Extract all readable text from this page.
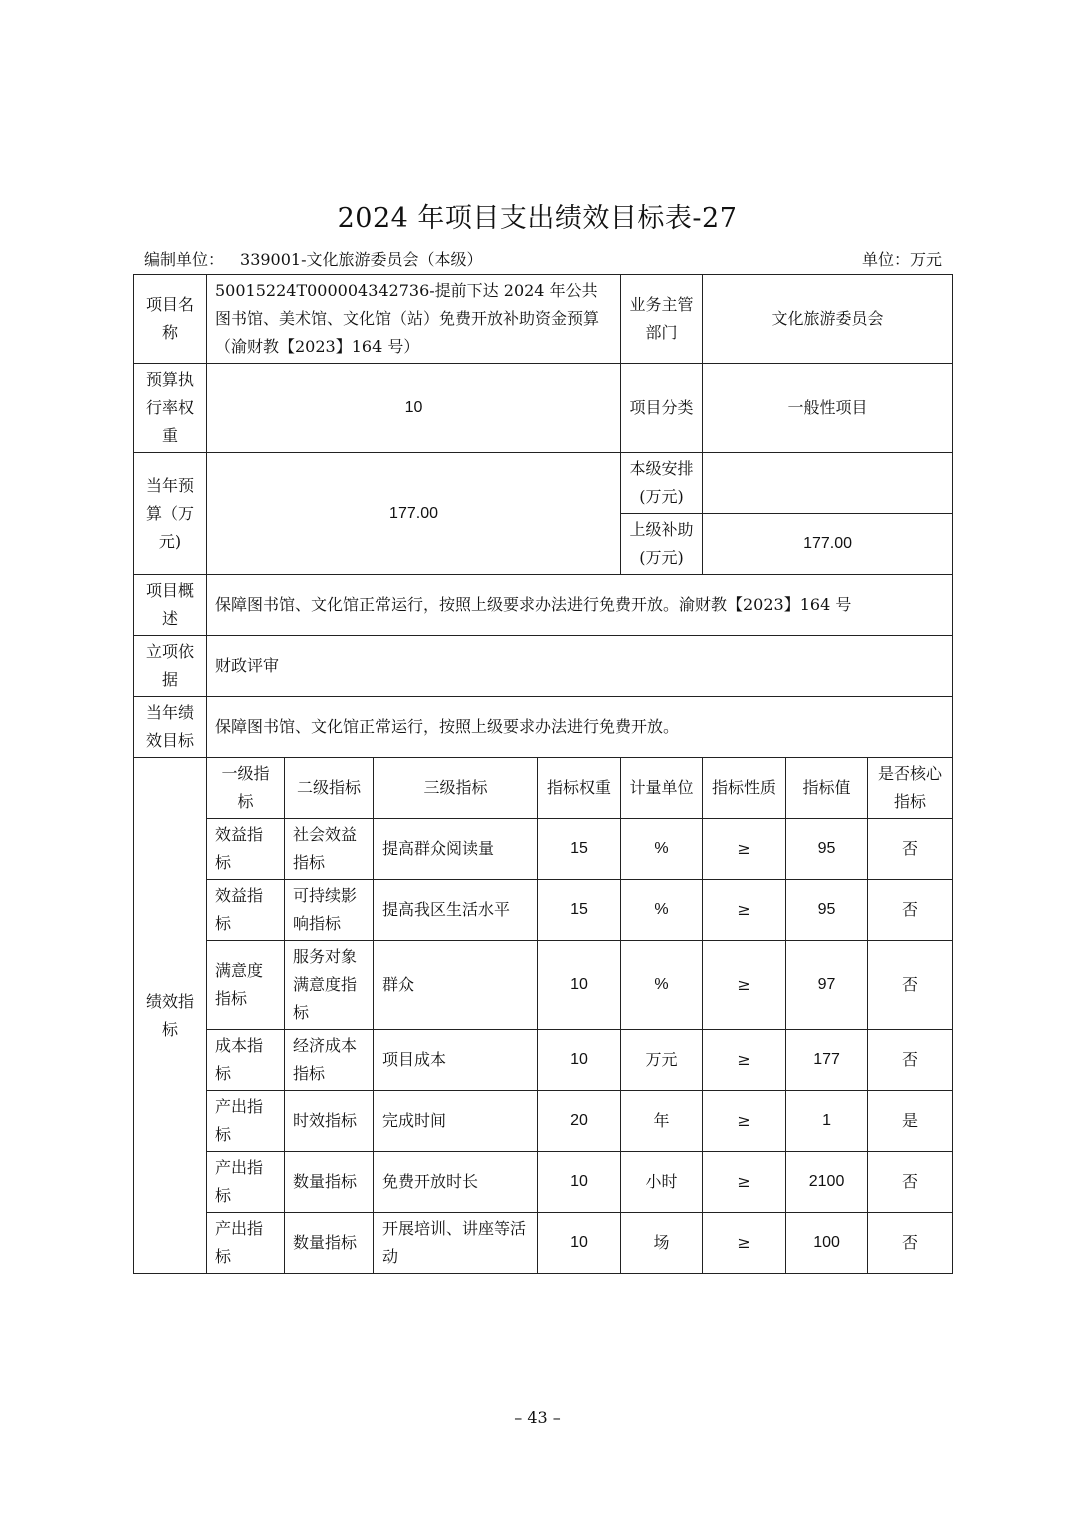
2024 年项目支出绩效目标表-27
编制单位： 339001-文化旅游委员会（本级）	单位：万元
项目名称	50015224T000004342736-提前下达 2024 年公共图书馆、美术馆、文化馆（站）免费开放补助资金预算（渝财教【2023】164 号）				业务主管部门	文化旅游委员会		
预算执行率权重	10				项目分类	一般性项目		
当年预算（万元)	177.00				本级安排(万元)			
					上级补助(万元)	177.00		
项目概述	保障图书馆、文化馆正常运行，按照上级要求办法进行免费开放。渝财教【2023】164 号							
立项依据	财政评审							
当年绩效目标	保障图书馆、文化馆正常运行，按照上级要求办法进行免费开放。							
绩效指标	一级指标	二级指标	三级指标	指标权重	计量单位	指标性质	指标值	是否核心指标
	效益指标	社会效益指标	提高群众阅读量	15	%	≥	95	否
	效益指标	可持续影响指标	提高我区生活水平	15	%	≥	95	否
	满意度指标	服务对象满意度指标	群众	10	%	≥	97	否
	成本指标	经济成本指标	项目成本	10	万元	≥	177	否
	产出指标	时效指标	完成时间	20	年	≥	1	是
	产出指标	数量指标	免费开放时长	10	小时	≥	2100	否
	产出指标	数量指标	开展培训、讲座等活动	10	场	≥	100	否
– 43 –
